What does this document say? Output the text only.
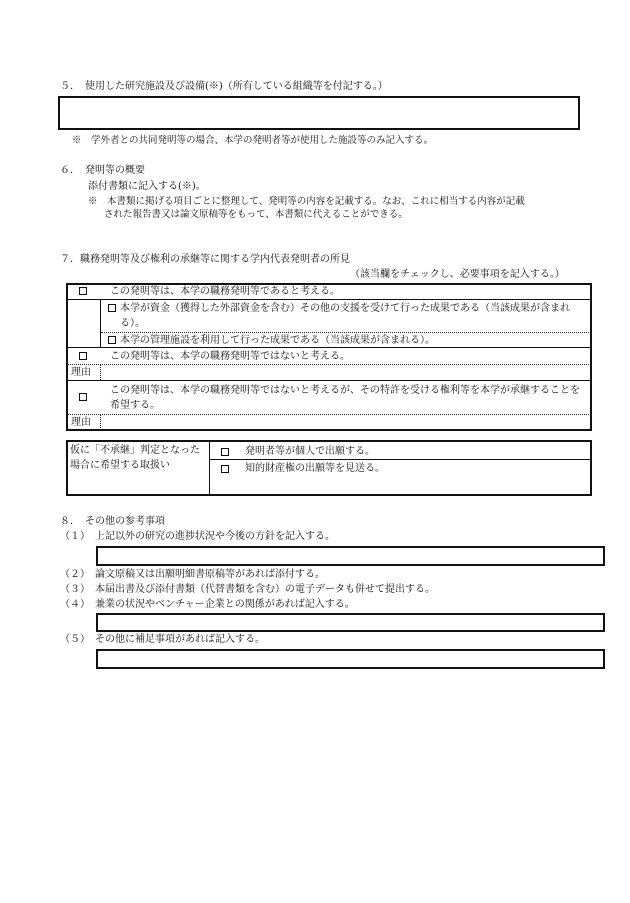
５．　使用した研究施設及び設備(※)（所有している組織等を付記する。）
※　学外者との共同発明等の場合、本学の発明者等が使用した施設等のみ記入する。
６．　発明等の概要
添付書類に記入する(※)。
※　本書類に掲げる項目ごとに整理して、発明等の内容を記載する。なお、これに相当する内容が記載
された報告書又は論文原稿等をもって、本書類に代えることができる。
７．職務発明等及び権利の承継等に関する学内代表発明者の所見
（該当欄をチェックし、必要事項を記入する。）
この発明等は、本学の職務発明等であると考える。
本学が資金（獲得した外部資金を含む）その他の支援を受けて行った成果である（当該成果が含まれる）。
本学の管理施設を利用して行った成果である（当該成果が含まれる）。
この発明等は、本学の職務発明等ではないと考える。
理由
この発明等は、本学の職務発明等ではないと考えるが、その特許を受ける権利等を本学が承継することを希望する。
理由
仮に「不承継」判定となった場合に希望する取扱い
発明者等が個人で出願する。
知的財産権の出願等を見送る。
８．　その他の参考事項
（１）　上記以外の研究の進捗状況や今後の方針を記入する。
（２）　論文原稿又は出願明細書原稿等があれば添付する。
（３）　本届出書及び添付書類（代替書類を含む）の電子データも併せて提出する。
（４）　兼業の状況やベンチャー企業との関係があれば記入する。
（５）　その他に補足事項があれば記入する。
